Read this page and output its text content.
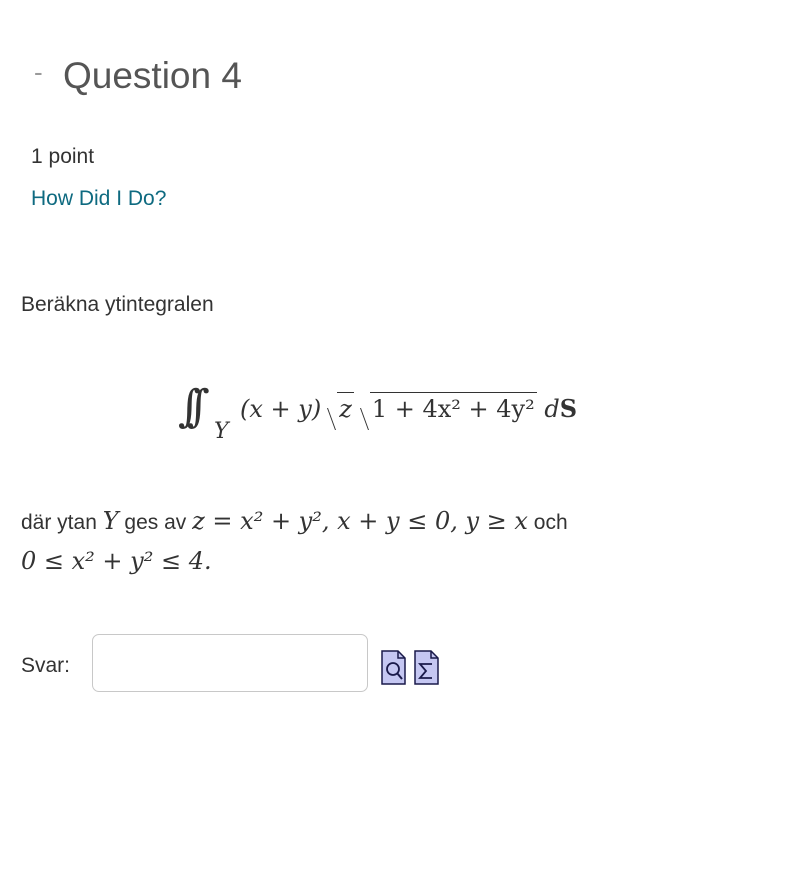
- Question 4
1 point
How Did I Do?
Beräkna ytintegralen
∫∫ Y
(x + y) z 1 + 4x² + 4y² dS
där ytan Y ges av z = x² + y², x + y ≤ 0, y ≥ x och
0 ≤ x² + y² ≤ 4.
Svar:
